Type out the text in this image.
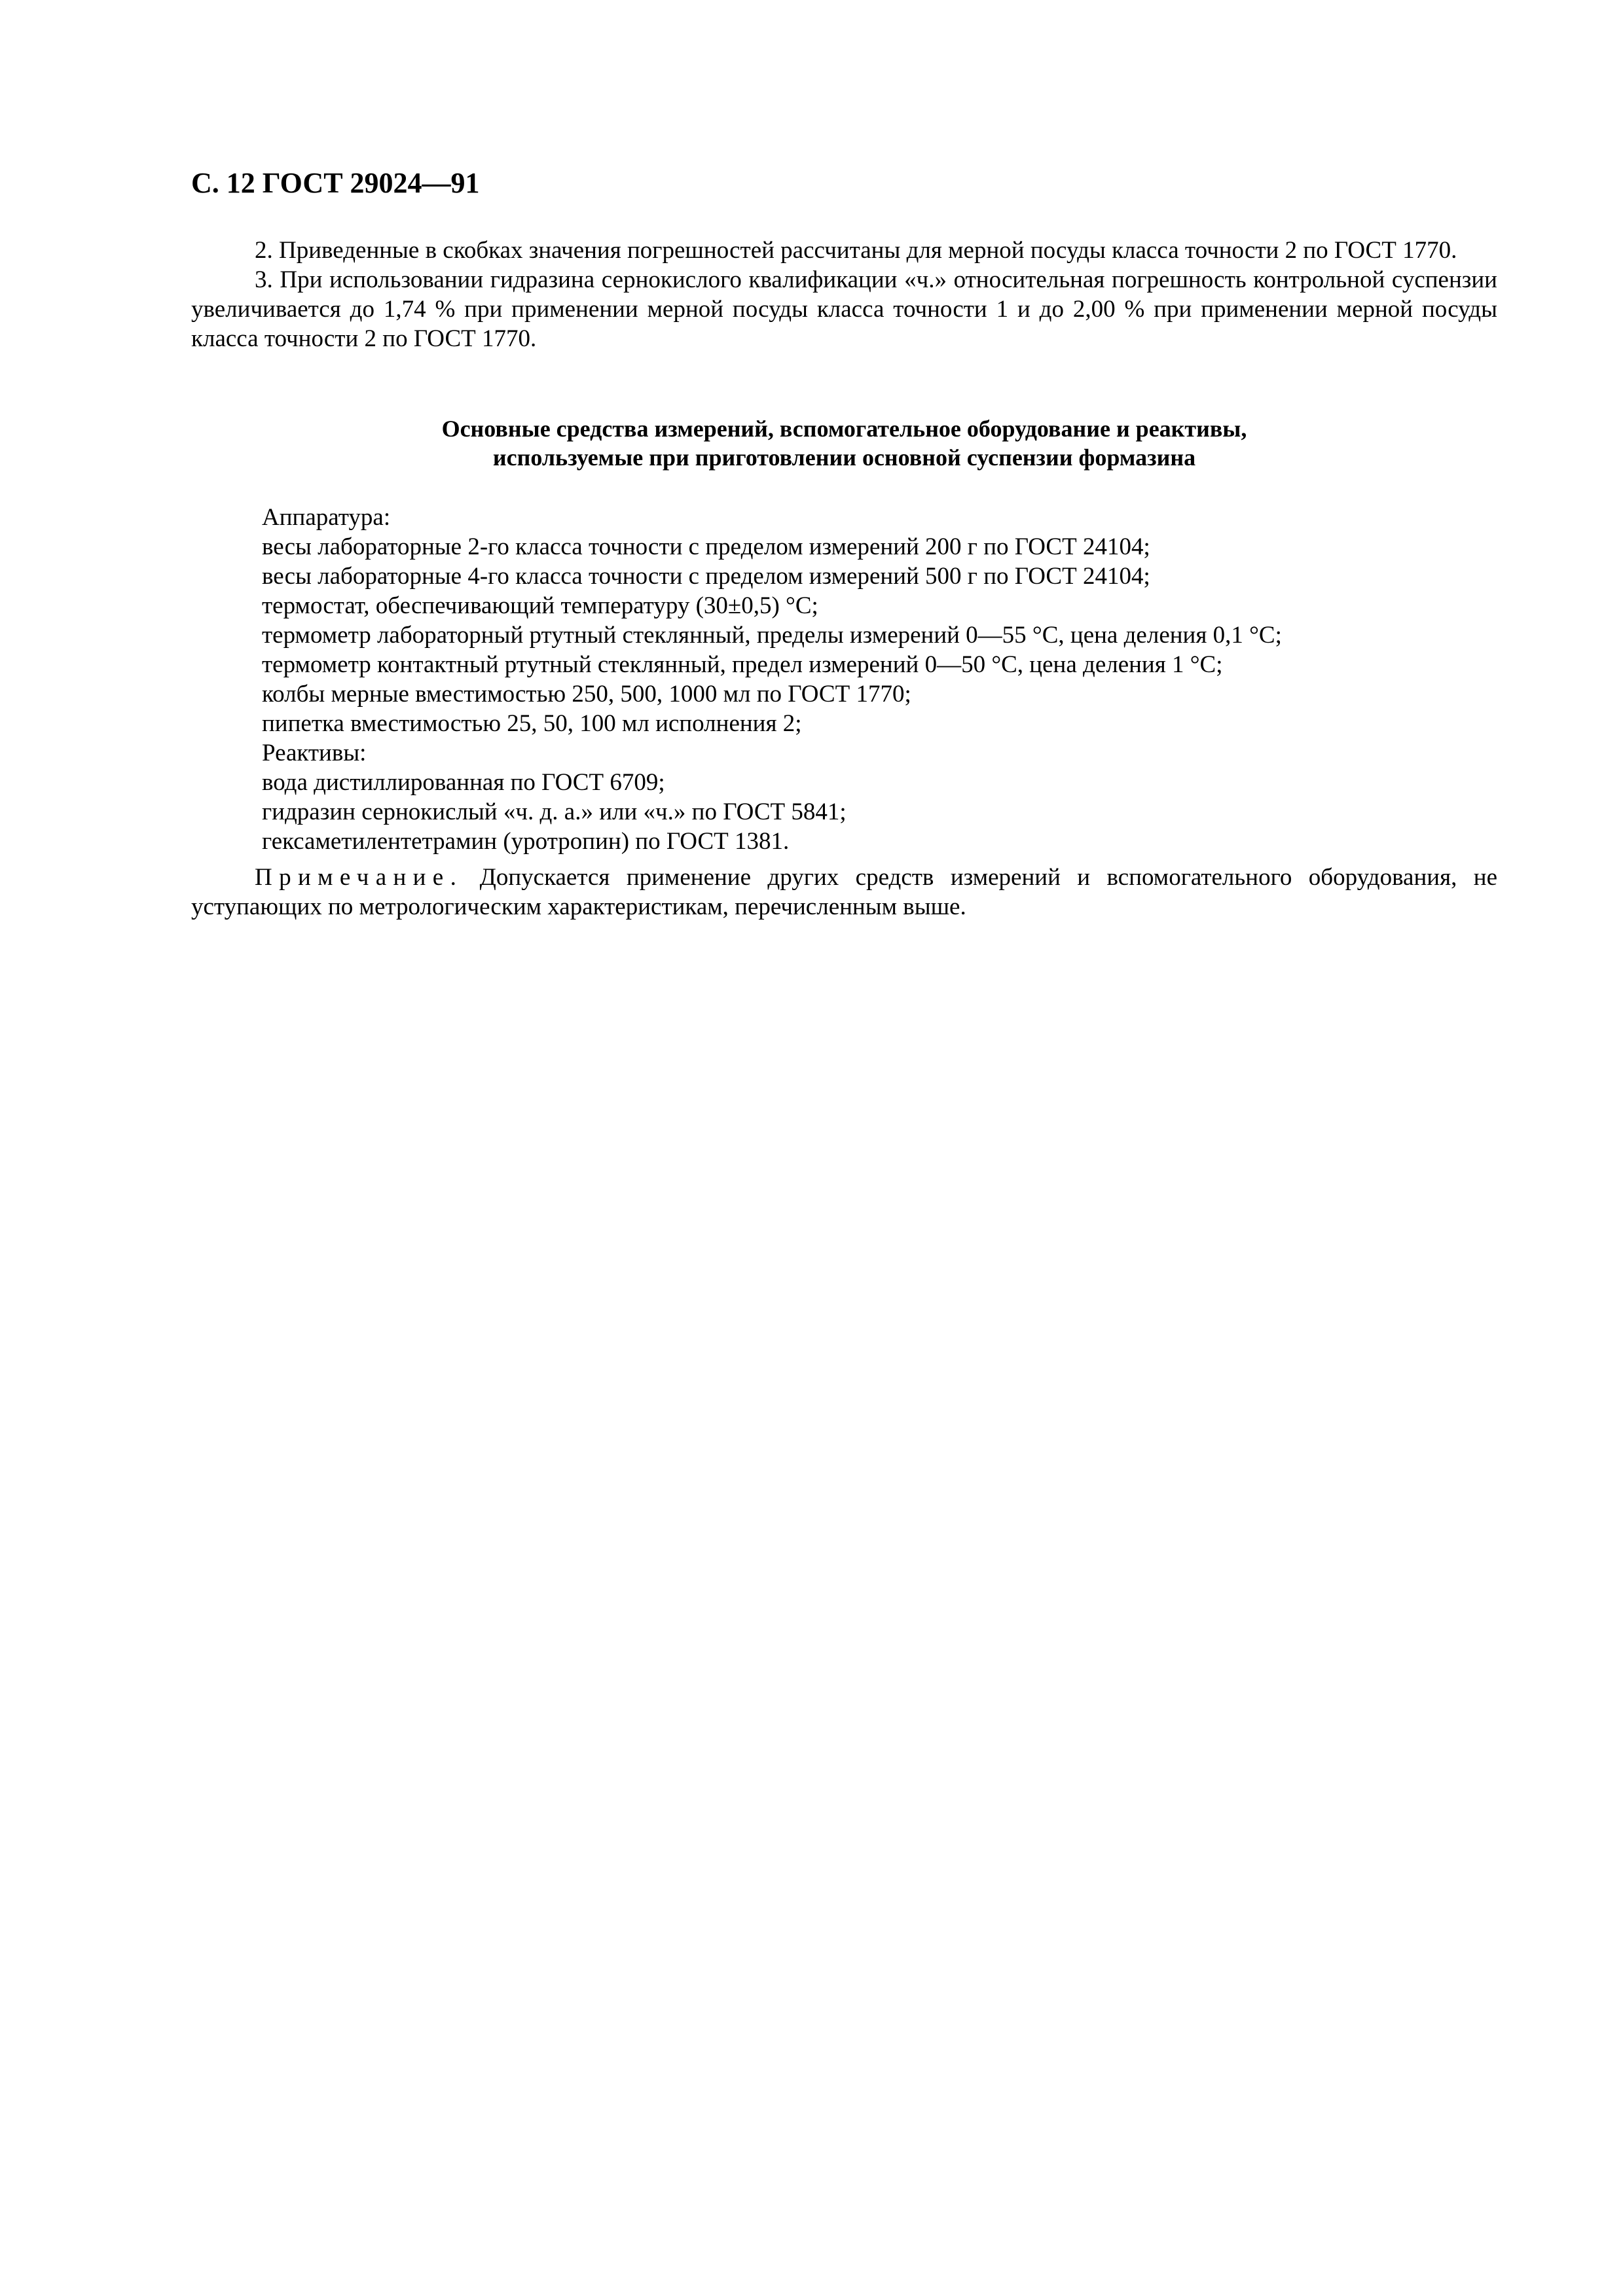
С. 12 ГОСТ 29024—91

2. Приведенные в скобках значения погрешностей рассчитаны для мерной посуды класса точности 2 по ГОСТ 1770.

3. При использовании гидразина сернокислого квалификации «ч.» относительная погрешность контрольной суспензии увеличивается до 1,74 % при применении мерной посуды класса точности 1 и до 2,00 % при применении мерной посуды класса точности 2 по ГОСТ 1770.

Основные средства измерений, вспомогательное оборудование и реактивы,
используемые при приготовлении основной суспензии формазина
Аппаратура:
весы лабораторные 2-го класса точности с пределом измерений 200 г по ГОСТ 24104;
весы лабораторные 4-го класса точности с пределом измерений 500 г по ГОСТ 24104;
термостат, обеспечивающий температуру (30±0,5) °С;
термометр лабораторный ртутный стеклянный, пределы измерений 0—55 °С, цена деления 0,1 °С;
термометр контактный ртутный стеклянный, предел измерений 0—50 °С, цена деления 1 °С;
колбы мерные вместимостью 250, 500, 1000 мл по ГОСТ 1770;
пипетка вместимостью 25, 50, 100 мл исполнения 2;
Реактивы:
вода дистиллированная по ГОСТ 6709;
гидразин сернокислый «ч. д. а.» или «ч.» по ГОСТ 5841;
гексаметилентетрамин (уротропин) по ГОСТ 1381.

Примечание. Допускается применение других средств измерений и вспомогательного оборудования, не уступающих по метрологическим характеристикам, перечисленным выше.
